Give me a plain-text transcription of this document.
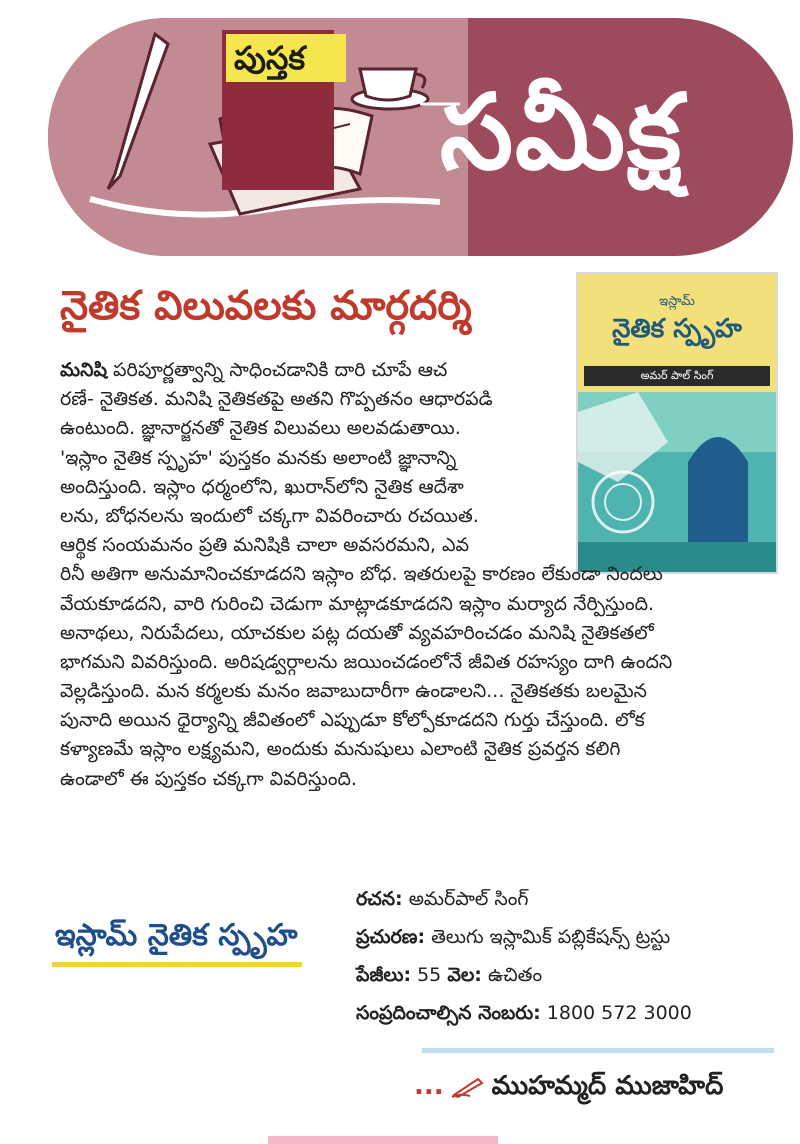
పుస్తక
సమీక్ష
నైతిక విలువలకు మార్గదర్శి	ఇస్లామ్
నైతిక స్పృహ
అమర్ పాల్ సింగ్
మనిషి పరిపూర్ణత్వాన్ని సాధించడానికి దారి చూపే ఆచ
రణే- నైతికత. మనిషి నైతికతపై అతని గొప్పతనం ఆధారపడి
ఉంటుంది. జ్ఞానార్జనతో నైతిక విలువలు అలవడుతాయి.
'ఇస్లాం నైతిక స్పృహ' పుస్తకం మనకు అలాంటి జ్ఞానాన్ని
అందిస్తుంది. ఇస్లాం ధర్మంలోని, ఖురాన్‌లోని నైతిక ఆదేశా
లను, బోధనలను ఇందులో చక్కగా వివరించారు రచయిత.
ఆర్థిక సంయమనం ప్రతి మనిషికి చాలా అవసరమని, ఎవ
రినీ అతిగా అనుమానించకూడదని ఇస్లాం బోధ. ఇతరులపై కారణం లేకుండా నిందలు
వేయకూడదని, వారి గురించి చెడుగా మాట్లాడకూడదని ఇస్లాం మర్యాద నేర్పిస్తుంది.
అనాథలు, నిరుపేదలు, యాచకుల పట్ల దయతో వ్యవహరించడం మనిషి నైతికతలో
భాగమని వివరిస్తుంది. అరిషడ్వర్గాలను జయించడంలోనే జీవిత రహస్యం దాగి ఉందని
వెల్లడిస్తుంది. మన కర్మలకు మనం జవాబుదారీగా ఉండాలని... నైతికతకు బలమైన
పునాది అయిన ధైర్యాన్ని జీవితంలో ఎప్పుడూ కోల్పోకూడదని గుర్తు చేస్తుంది. లోక
కళ్యాణమే ఇస్లాం లక్ష్యమని, అందుకు మనుషులు ఎలాంటి నైతిక ప్రవర్తన కలిగి
ఉండాలో ఈ పుస్తకం చక్కగా వివరిస్తుంది.
ఇస్లామ్ నైతిక స్పృహ
రచన: అమర్‌పాల్ సింగ్
ప్రచురణ: తెలుగు ఇస్లామిక్ పబ్లికేషన్స్ ట్రస్టు
పేజీలు: 55 వెల: ఉచితం
సంప్రదించాల్సిన నెంబరు: 1800 572 3000
... ముహమ్మద్ ముజాహిద్
